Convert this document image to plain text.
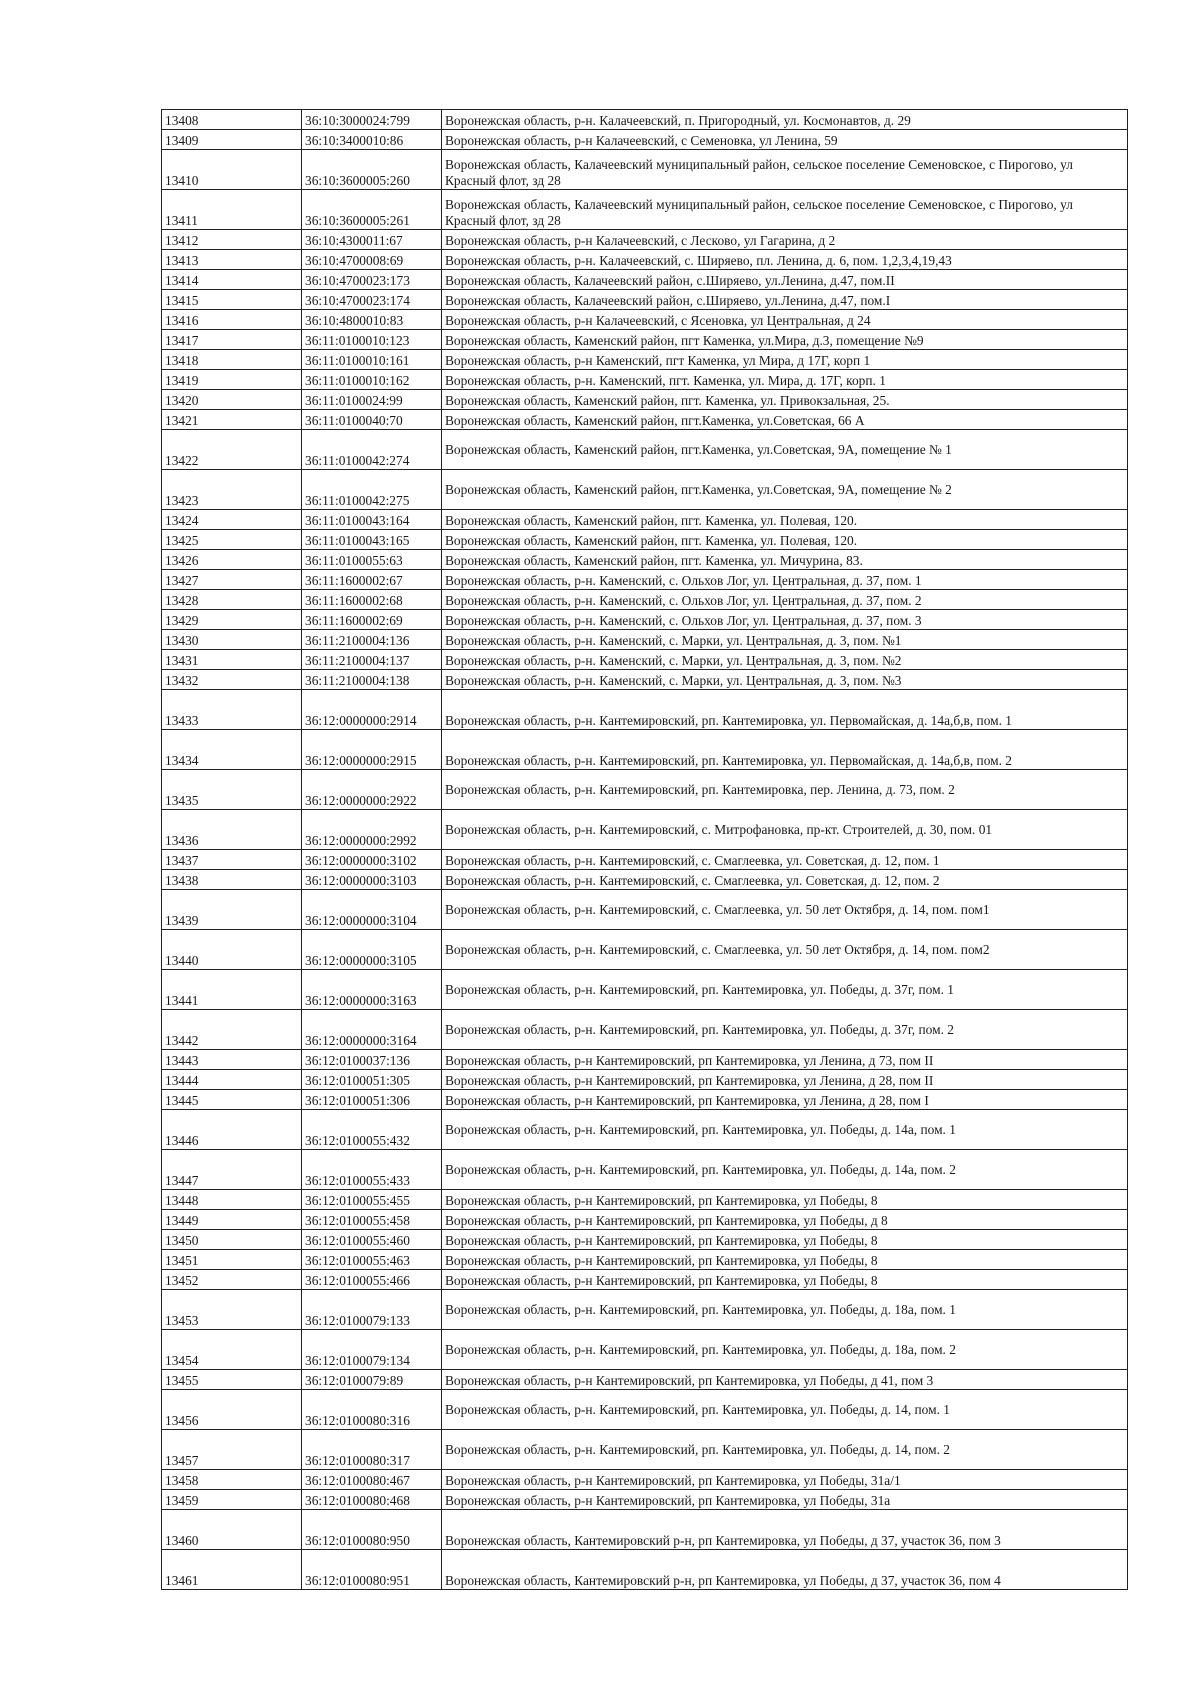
13408	36:10:3000024:799	Воронежская область, р-н. Калачеевский, п. Пригородный, ул. Космонавтов, д. 29
13409	36:10:3400010:86	Воронежская область, р-н Калачеевский, с Семеновка, ул Ленина, 59
13410	36:10:3600005:260	Воронежская область, Калачеевский муниципальный район, сельское поселение Семеновское, с Пирогово, ул Красный флот, зд 28
13411	36:10:3600005:261	Воронежская область, Калачеевский муниципальный район, сельское поселение Семеновское, с Пирогово, ул Красный флот, зд 28
13412	36:10:4300011:67	Воронежская область, р-н Калачеевский, с Лесково, ул Гагарина, д 2
13413	36:10:4700008:69	Воронежская область, р-н. Калачеевский, с. Ширяево, пл. Ленина, д. 6, пом. 1,2,3,4,19,43
13414	36:10:4700023:173	Воронежская область, Калачеевский район, с.Ширяево, ул.Ленина, д.47, пом.II
13415	36:10:4700023:174	Воронежская область, Калачеевский район, с.Ширяево, ул.Ленина, д.47, пом.I
13416	36:10:4800010:83	Воронежская область, р-н Калачеевский, с Ясеновка, ул Центральная, д 24
13417	36:11:0100010:123	Воронежская область, Каменский район, пгт Каменка, ул.Мира, д.3, помещение №9
13418	36:11:0100010:161	Воронежская область, р-н Каменский, пгт Каменка, ул Мира, д 17Г, корп 1
13419	36:11:0100010:162	Воронежская область, р-н. Каменский, пгт. Каменка, ул. Мира, д. 17Г, корп. 1
13420	36:11:0100024:99	Воронежская область, Каменский район, пгт. Каменка, ул. Привокзальная, 25.
13421	36:11:0100040:70	Воронежская область, Каменский район, пгт.Каменка, ул.Советская, 66 А
13422	36:11:0100042:274	Воронежская область, Каменский район, пгт.Каменка, ул.Советская, 9А, помещение № 1
13423	36:11:0100042:275	Воронежская область, Каменский район, пгт.Каменка, ул.Советская, 9А, помещение № 2
13424	36:11:0100043:164	Воронежская область, Каменский район, пгт. Каменка, ул. Полевая, 120.
13425	36:11:0100043:165	Воронежская область, Каменский район, пгт. Каменка, ул. Полевая, 120.
13426	36:11:0100055:63	Воронежская область, Каменский район, пгт. Каменка, ул. Мичурина, 83.
13427	36:11:1600002:67	Воронежская область, р-н. Каменский, с. Ольхов Лог, ул. Центральная, д. 37, пом. 1
13428	36:11:1600002:68	Воронежская область, р-н. Каменский, с. Ольхов Лог, ул. Центральная, д. 37, пом. 2
13429	36:11:1600002:69	Воронежская область, р-н. Каменский, с. Ольхов Лог, ул. Центральная, д. 37, пом. 3
13430	36:11:2100004:136	Воронежская область, р-н. Каменский, с. Марки, ул. Центральная, д. 3, пом. №1
13431	36:11:2100004:137	Воронежская область, р-н. Каменский, с. Марки, ул. Центральная, д. 3, пом. №2
13432	36:11:2100004:138	Воронежская область, р-н. Каменский, с. Марки, ул. Центральная, д. 3, пом. №3
13433	36:12:0000000:2914	Воронежская область, р-н. Кантемировский, рп. Кантемировка, ул. Первомайская, д. 14а,б,в, пом. 1
13434	36:12:0000000:2915	Воронежская область, р-н. Кантемировский, рп. Кантемировка, ул. Первомайская, д. 14а,б,в, пом. 2
13435	36:12:0000000:2922	Воронежская область, р-н. Кантемировский, рп. Кантемировка, пер. Ленина, д. 73, пом. 2
13436	36:12:0000000:2992	Воронежская область, р-н. Кантемировский, с. Митрофановка, пр-кт. Строителей, д. 30, пом. 01
13437	36:12:0000000:3102	Воронежская область, р-н. Кантемировский, с. Смаглеевка, ул. Советская, д. 12, пом. 1
13438	36:12:0000000:3103	Воронежская область, р-н. Кантемировский, с. Смаглеевка, ул. Советская, д. 12, пом. 2
13439	36:12:0000000:3104	Воронежская область, р-н. Кантемировский, с. Смаглеевка, ул. 50 лет Октября, д. 14, пом. пом1
13440	36:12:0000000:3105	Воронежская область, р-н. Кантемировский, с. Смаглеевка, ул. 50 лет Октября, д. 14, пом. пом2
13441	36:12:0000000:3163	Воронежская область, р-н. Кантемировский, рп. Кантемировка, ул. Победы, д. 37г, пом. 1
13442	36:12:0000000:3164	Воронежская область, р-н. Кантемировский, рп. Кантемировка, ул. Победы, д. 37г, пом. 2
13443	36:12:0100037:136	Воронежская область, р-н Кантемировский, рп Кантемировка, ул Ленина, д 73, пом II
13444	36:12:0100051:305	Воронежская область, р-н Кантемировский, рп Кантемировка, ул Ленина, д 28, пом II
13445	36:12:0100051:306	Воронежская область, р-н Кантемировский, рп Кантемировка, ул Ленина, д 28, пом I
13446	36:12:0100055:432	Воронежская область, р-н. Кантемировский, рп. Кантемировка, ул. Победы, д. 14а, пом. 1
13447	36:12:0100055:433	Воронежская область, р-н. Кантемировский, рп. Кантемировка, ул. Победы, д. 14а, пом. 2
13448	36:12:0100055:455	Воронежская область, р-н Кантемировский, рп Кантемировка, ул Победы, 8
13449	36:12:0100055:458	Воронежская область, р-н Кантемировский, рп Кантемировка, ул Победы, д 8
13450	36:12:0100055:460	Воронежская область, р-н Кантемировский, рп Кантемировка, ул Победы, 8
13451	36:12:0100055:463	Воронежская область, р-н Кантемировский, рп Кантемировка, ул Победы, 8
13452	36:12:0100055:466	Воронежская область, р-н Кантемировский, рп Кантемировка, ул Победы, 8
13453	36:12:0100079:133	Воронежская область, р-н. Кантемировский, рп. Кантемировка, ул. Победы, д. 18а, пом. 1
13454	36:12:0100079:134	Воронежская область, р-н. Кантемировский, рп. Кантемировка, ул. Победы, д. 18а, пом. 2
13455	36:12:0100079:89	Воронежская область, р-н Кантемировский, рп Кантемировка, ул Победы, д 41, пом 3
13456	36:12:0100080:316	Воронежская область, р-н. Кантемировский, рп. Кантемировка, ул. Победы, д. 14, пом. 1
13457	36:12:0100080:317	Воронежская область, р-н. Кантемировский, рп. Кантемировка, ул. Победы, д. 14, пом. 2
13458	36:12:0100080:467	Воронежская область, р-н Кантемировский, рп Кантемировка, ул Победы, 31а/1
13459	36:12:0100080:468	Воронежская область, р-н Кантемировский, рп Кантемировка, ул Победы, 31а
13460	36:12:0100080:950	Воронежская область, Кантемировский р-н, рп Кантемировка, ул Победы, д 37, участок 36, пом 3
13461	36:12:0100080:951	Воронежская область, Кантемировский р-н, рп Кантемировка, ул Победы, д 37, участок 36, пом 4
